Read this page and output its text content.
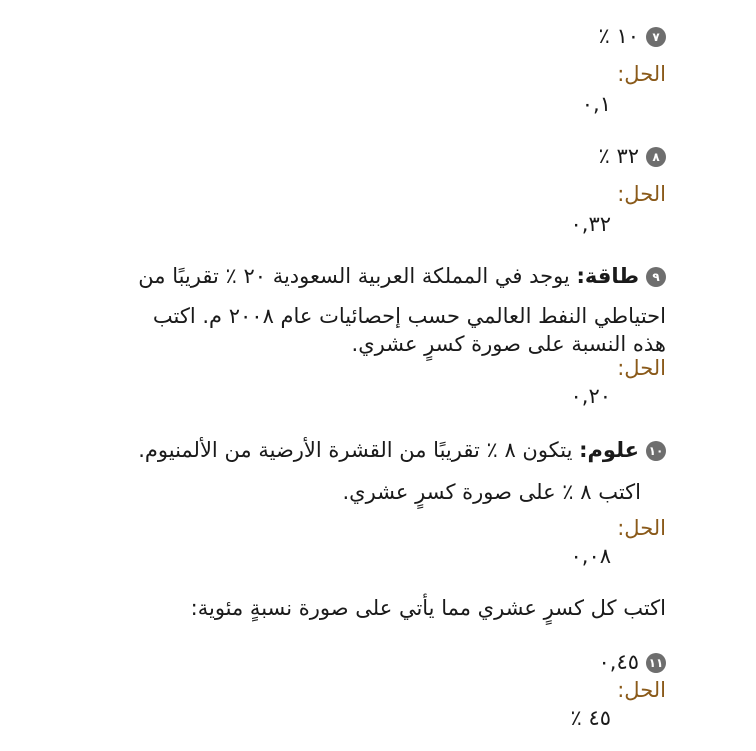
٧١٠ ٪
الحل:
٠,١
٨٣٢ ٪
الحل:
٠,٣٢
٩طاقة: يوجد في المملكة العربية السعودية ٢٠ ٪ تقريبًا من
احتياطي النفط العالمي حسب إحصائيات عام ٢٠٠٨ م. اكتب
هذه النسبة على صورة كسرٍ عشري.
الحل:
٠,٢٠
١٠علوم: يتكون ٨ ٪ تقريبًا من القشرة الأرضية من الألمنيوم.
اكتب ٨ ٪ على صورة كسرٍ عشري.
الحل:
٠,٠٨
اكتب كل كسرٍ عشري مما يأتي على صورة نسبةٍ مئوية:
١١٠,٤٥
الحل:
٤٥ ٪
